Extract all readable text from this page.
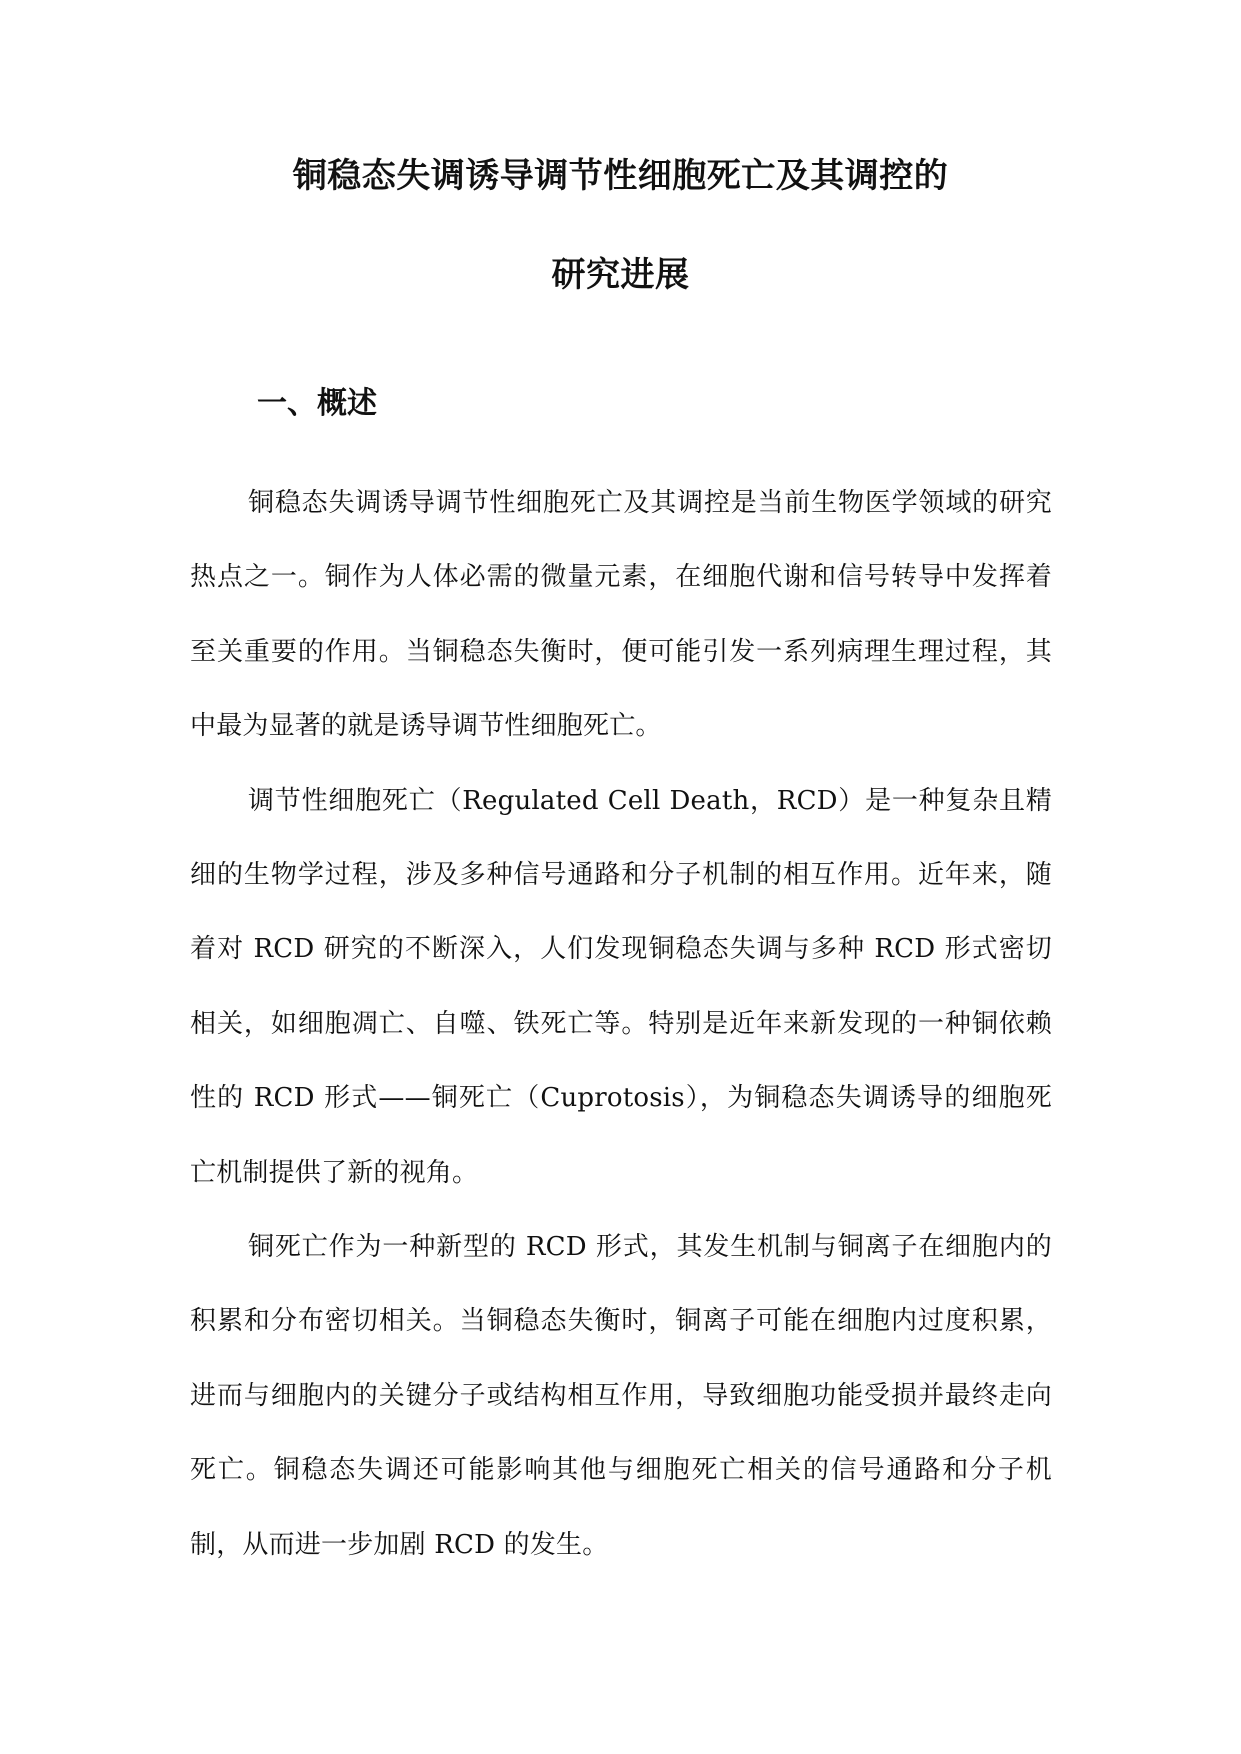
铜稳态失调诱导调节性细胞死亡及其调控的
研究进展
一、概述

铜稳态失调诱导调节性细胞死亡及其调控是当前生物医学领域的研究热点之一。铜作为人体必需的微量元素，在细胞代谢和信号转导中发挥着至关重要的作用。当铜稳态失衡时，便可能引发一系列病理生理过程，其中最为显著的就是诱导调节性细胞死亡。

调节性细胞死亡（Regulated Cell Death，RCD）是一种复杂且精细的生物学过程，涉及多种信号通路和分子机制的相互作用。近年来，随着对 RCD 研究的不断深入，人们发现铜稳态失调与多种 RCD 形式密切相关，如细胞凋亡、自噬、铁死亡等。特别是近年来新发现的一种铜依赖性的 RCD 形式——铜死亡（Cuprotosis），为铜稳态失调诱导的细胞死亡机制提供了新的视角。

铜死亡作为一种新型的 RCD 形式，其发生机制与铜离子在细胞内的积累和分布密切相关。当铜稳态失衡时，铜离子可能在细胞内过度积累，进而与细胞内的关键分子或结构相互作用，导致细胞功能受损并最终走向死亡。铜稳态失调还可能影响其他与细胞死亡相关的信号通路和分子机制，从而进一步加剧 RCD 的发生。
